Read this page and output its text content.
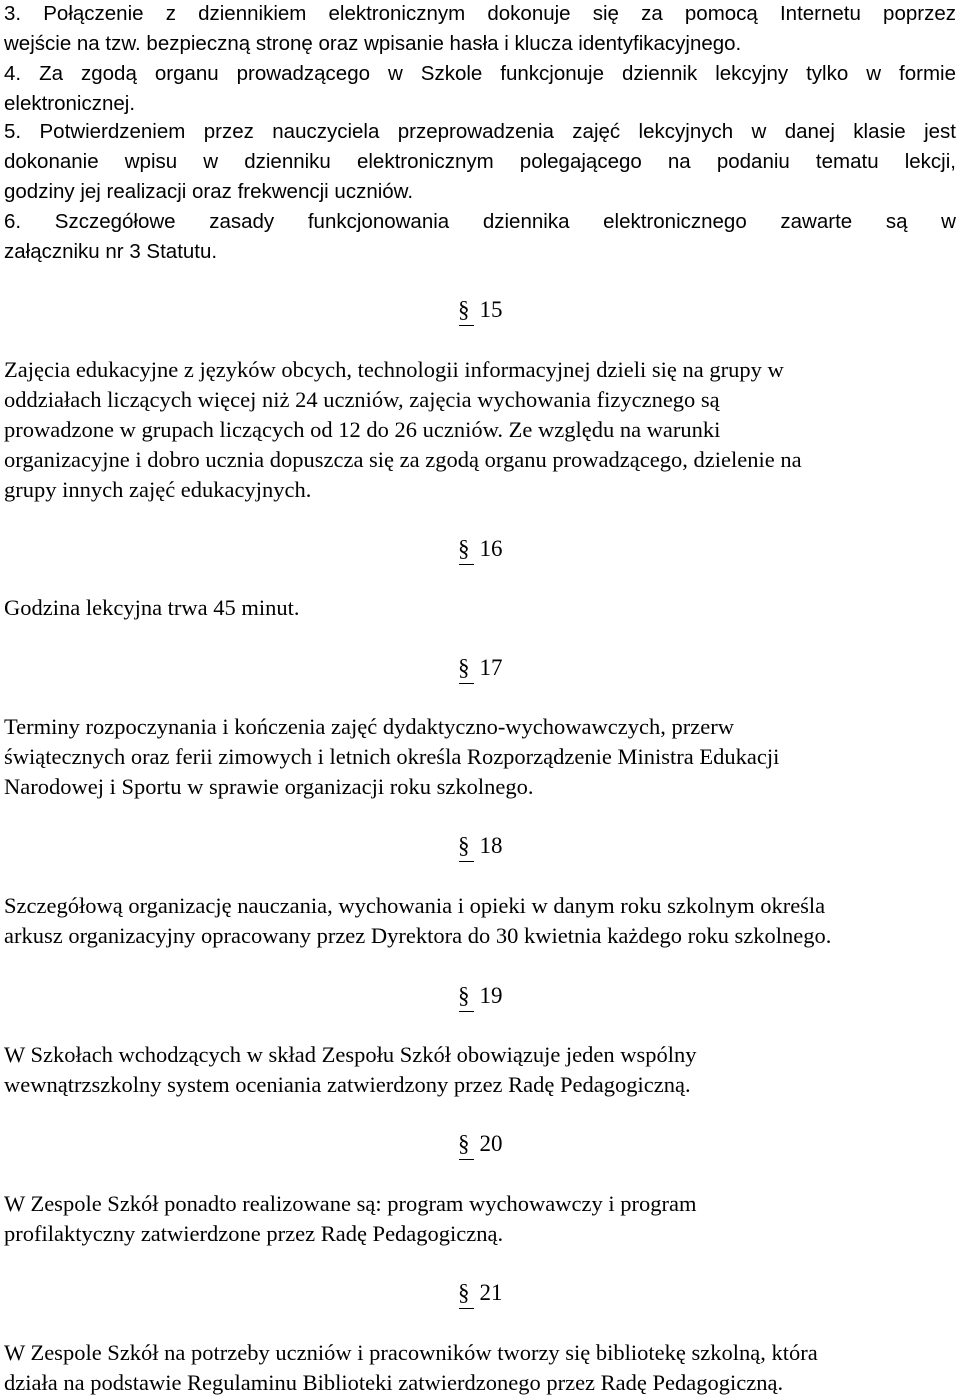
3. Połączenie z dziennikiem elektronicznym dokonuje się za pomocą Internetu poprzez
wejście na tzw. bezpieczną stronę oraz wpisanie hasła i klucza identyfikacyjnego.
4. Za zgodą organu prowadzącego w Szkole funkcjonuje dziennik lekcyjny tylko w formie
elektronicznej.
5. Potwierdzeniem przez nauczyciela przeprowadzenia zajęć lekcyjnych w danej klasie jest
dokonanie wpisu w dzienniku elektronicznym polegającego na podaniu tematu lekcji,
godziny jej realizacji oraz frekwencji uczniów.
6. Szczegółowe zasady funkcjonowania dziennika elektronicznego zawarte są w
załączniku nr 3 Statutu.
§ 15
Zajęcia edukacyjne z języków obcych, technologii informacyjnej dzieli się na grupy w
oddziałach liczących więcej niż 24 uczniów, zajęcia wychowania fizycznego są
prowadzone w grupach liczących od 12 do 26 uczniów. Ze względu na warunki
organizacyjne i dobro ucznia dopuszcza się za zgodą organu prowadzącego, dzielenie na
grupy innych zajęć edukacyjnych.
§ 16
Godzina lekcyjna trwa 45 minut.
§ 17
Terminy rozpoczynania i kończenia zajęć dydaktyczno-wychowawczych, przerw
świątecznych oraz ferii zimowych i letnich określa Rozporządzenie Ministra Edukacji
Narodowej i Sportu w sprawie organizacji roku szkolnego.
§ 18
Szczegółową organizację nauczania, wychowania i opieki w danym roku szkolnym określa
arkusz organizacyjny opracowany przez Dyrektora do 30 kwietnia każdego roku szkolnego.
§ 19
W Szkołach wchodzących w skład Zespołu Szkół obowiązuje jeden wspólny
wewnątrzszkolny system oceniania zatwierdzony przez Radę Pedagogiczną.
§ 20
W Zespole Szkół ponadto realizowane są: program wychowawczy i program
profilaktyczny zatwierdzone przez Radę Pedagogiczną.
§ 21
W Zespole Szkół na potrzeby uczniów i pracowników tworzy się bibliotekę szkolną, która
działa na podstawie Regulaminu Biblioteki zatwierdzonego przez Radę Pedagogiczną.
